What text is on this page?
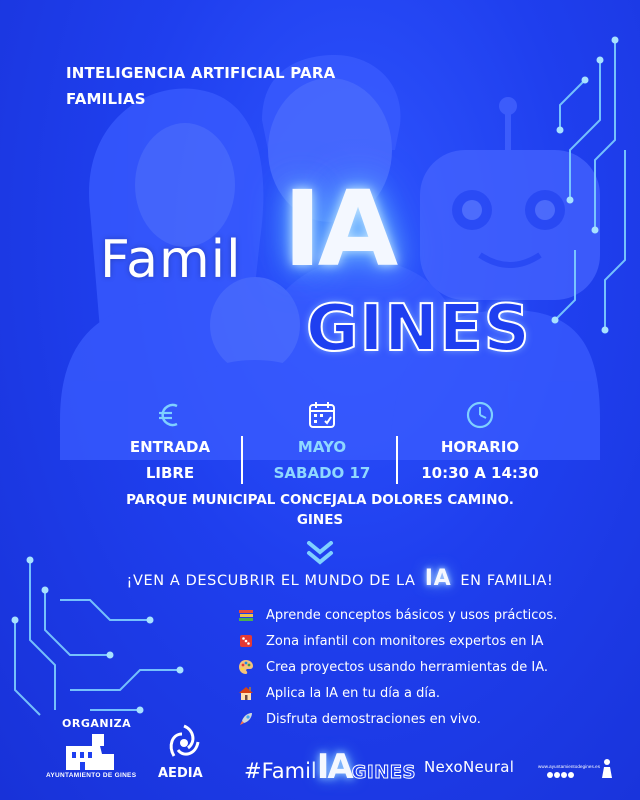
INTELIGENCIA ARTIFICIAL PARA FAMILIAS
Famil IA
GINES
ENTRADA
LIBRE
MAYO
SABADO 17
HORARIO
10:30 A 14:30
PARQUE MUNICIPAL CONCEJALA DOLORES CAMINO.
GINES
¡VEN A DESCUBRIR EL MUNDO DE LA IA EN FAMILIA!
Aprende conceptos básicos y usos prácticos.
Zona infantil con monitores expertos en IA
Crea proyectos usando herramientas de IA.
Aplica la IA en tu día a día.
Disfruta demostraciones en vivo.
ORGANIZA
AYUNTAMIENTO DE GINES AEDIA #FamilIAGINES NexoNeural	www.ayuntamientodegines.es
